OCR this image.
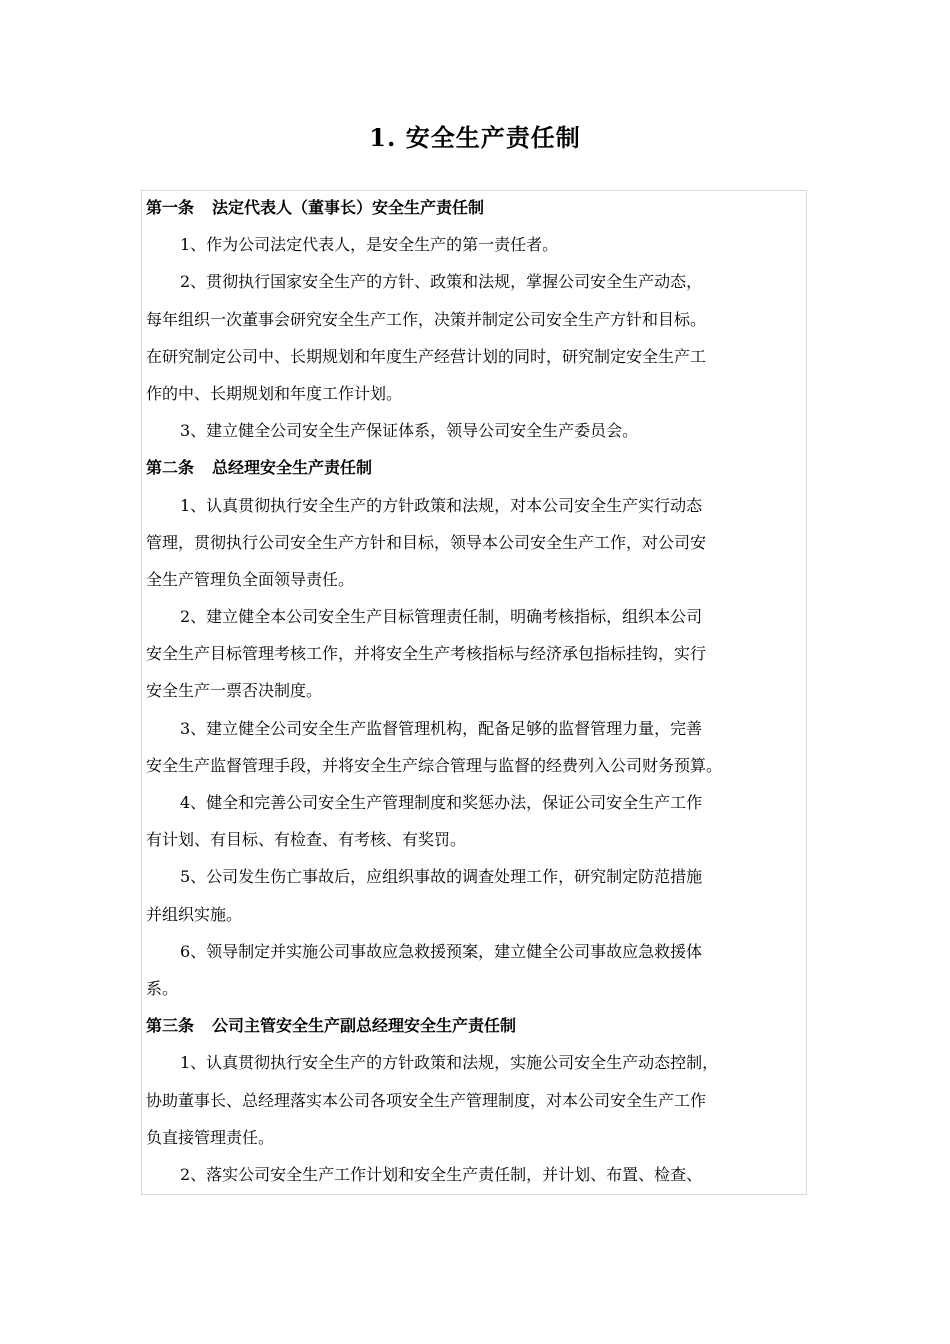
1. 安全生产责任制
第一条 法定代表人（董事长）安全生产责任制
1、作为公司法定代表人，是安全生产的第一责任者。
2、贯彻执行国家安全生产的方针、政策和法规，掌握公司安全生产动态，
每年组织一次董事会研究安全生产工作，决策并制定公司安全生产方针和目标。
在研究制定公司中、长期规划和年度生产经营计划的同时，研究制定安全生产工
作的中、长期规划和年度工作计划。
3、建立健全公司安全生产保证体系，领导公司安全生产委员会。
第二条 总经理安全生产责任制
1、认真贯彻执行安全生产的方针政策和法规，对本公司安全生产实行动态
管理，贯彻执行公司安全生产方针和目标，领导本公司安全生产工作，对公司安
全生产管理负全面领导责任。
2、建立健全本公司安全生产目标管理责任制，明确考核指标，组织本公司
安全生产目标管理考核工作，并将安全生产考核指标与经济承包指标挂钩，实行
安全生产一票否决制度。
3、建立健全公司安全生产监督管理机构，配备足够的监督管理力量，完善
安全生产监督管理手段，并将安全生产综合管理与监督的经费列入公司财务预算。
4、健全和完善公司安全生产管理制度和奖惩办法，保证公司安全生产工作
有计划、有目标、有检查、有考核、有奖罚。
5、公司发生伤亡事故后，应组织事故的调查处理工作，研究制定防范措施
并组织实施。
6、领导制定并实施公司事故应急救援预案，建立健全公司事故应急救援体
系。
第三条 公司主管安全生产副总经理安全生产责任制
1、认真贯彻执行安全生产的方针政策和法规，实施公司安全生产动态控制，
协助董事长、总经理落实本公司各项安全生产管理制度，对本公司安全生产工作
负直接管理责任。
2、落实公司安全生产工作计划和安全生产责任制，并计划、布置、检查、
